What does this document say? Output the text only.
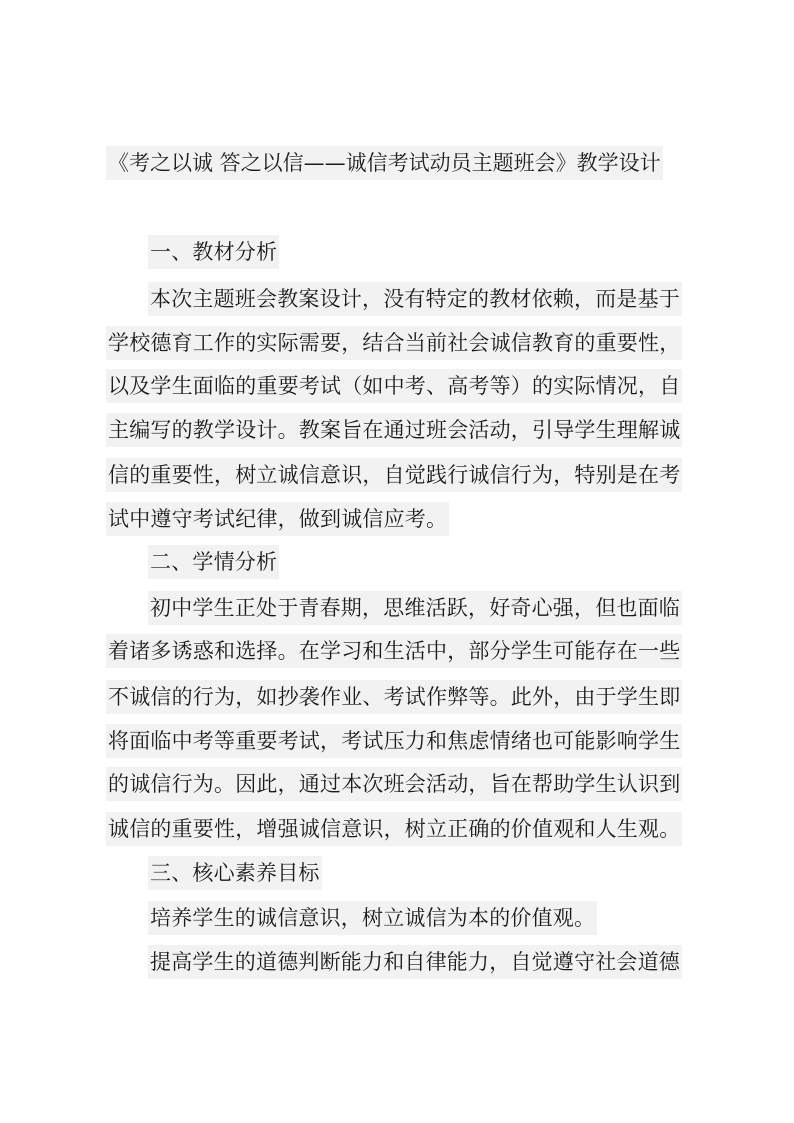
《考之以诚 答之以信——诚信考试动员主题班会》教学设计
一、教材分析
本次主题班会教案设计，没有特定的教材依赖，而是基于
学校德育工作的实际需要，结合当前社会诚信教育的重要性，
以及学生面临的重要考试（如中考、高考等）的实际情况，自
主编写的教学设计。教案旨在通过班会活动，引导学生理解诚
信的重要性，树立诚信意识，自觉践行诚信行为，特别是在考
试中遵守考试纪律，做到诚信应考。
二、学情分析
初中学生正处于青春期，思维活跃，好奇心强，但也面临
着诸多诱惑和选择。在学习和生活中，部分学生可能存在一些
不诚信的行为，如抄袭作业、考试作弊等。此外，由于学生即
将面临中考等重要考试，考试压力和焦虑情绪也可能影响学生
的诚信行为。因此，通过本次班会活动，旨在帮助学生认识到
诚信的重要性，增强诚信意识，树立正确的价值观和人生观。
三、核心素养目标
培养学生的诚信意识，树立诚信为本的价值观。
提高学生的道德判断能力和自律能力，自觉遵守社会道德
